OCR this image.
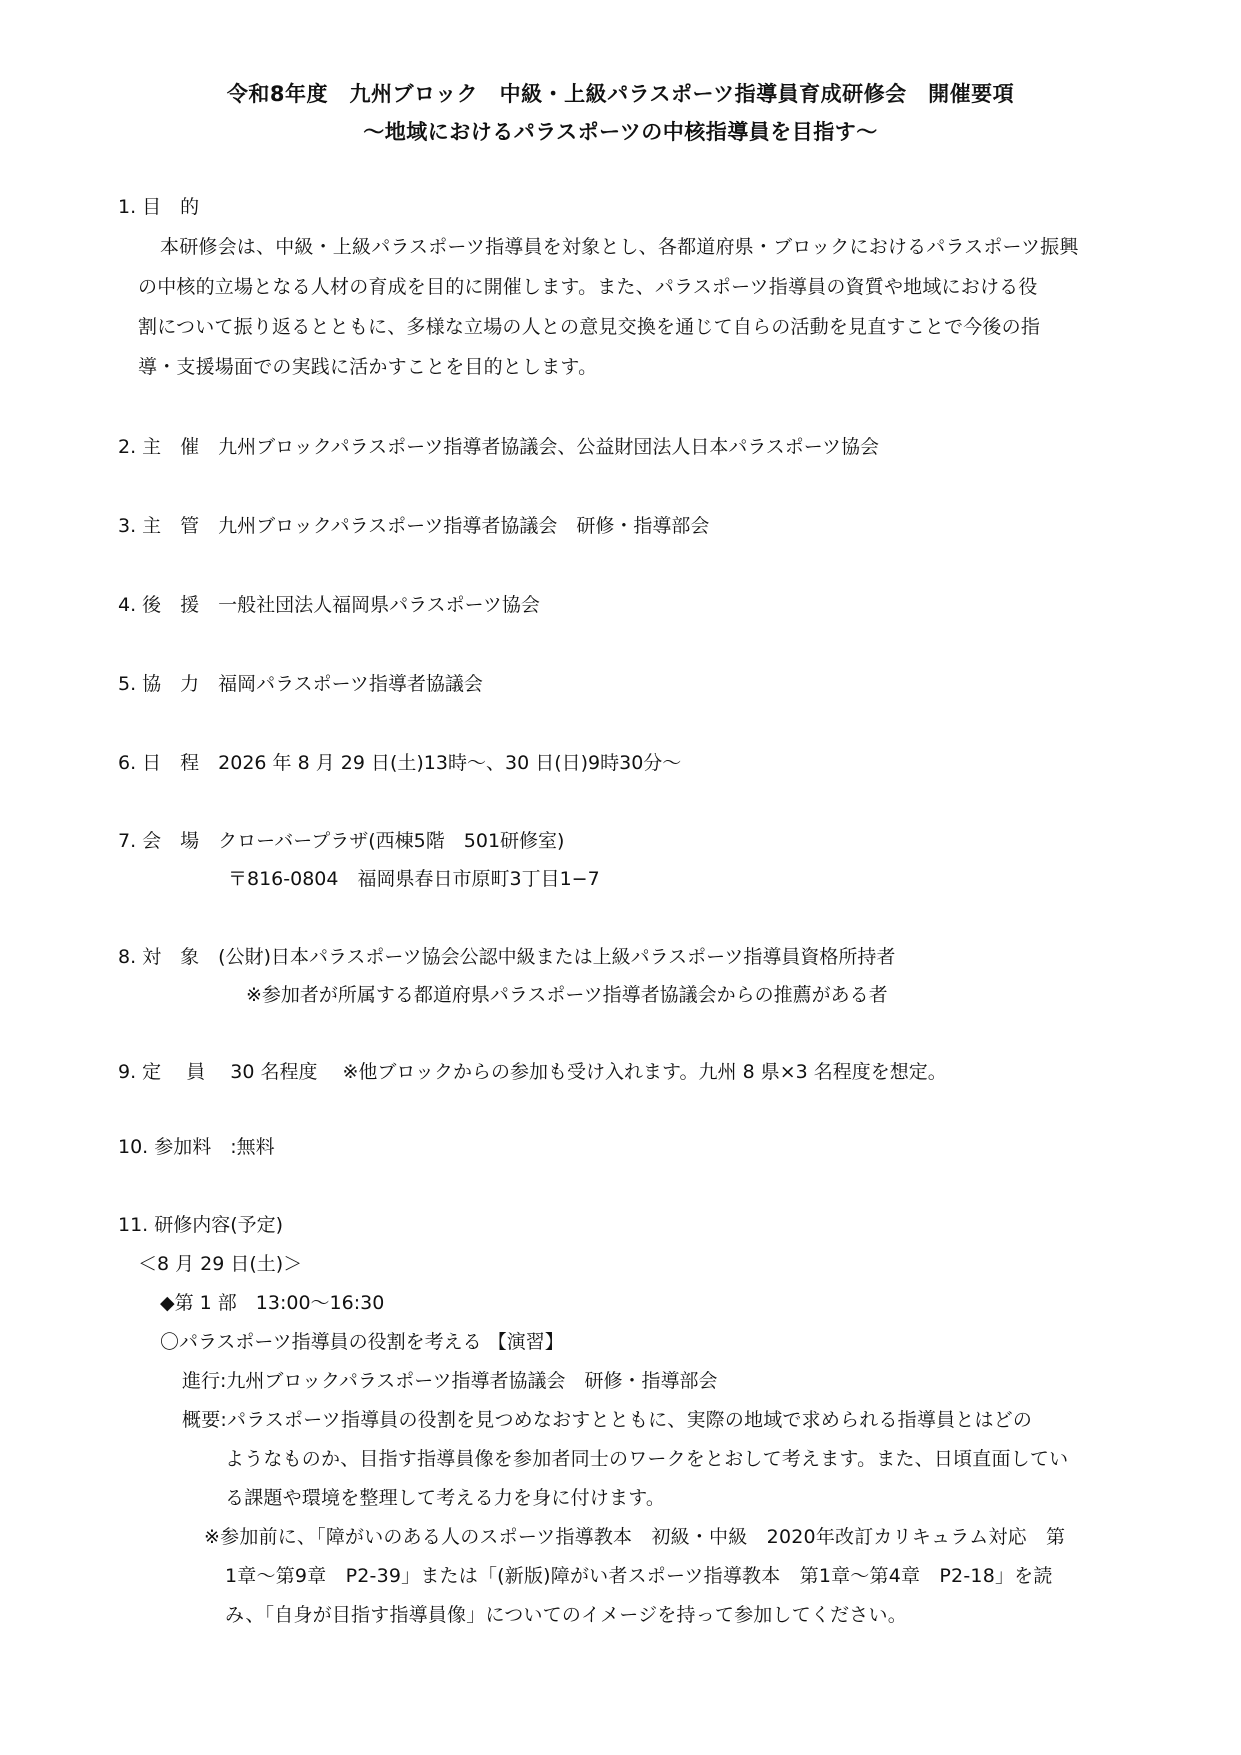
令和8年度　九州ブロック　中級・上級パラスポーツ指導員育成研修会　開催要項
～地域におけるパラスポーツの中核指導員を目指す～
1. 目　的
本研修会は、中級・上級パラスポーツ指導員を対象とし、各都道府県・ブロックにおけるパラスポーツ振興
の中核的立場となる人材の育成を目的に開催します。また、パラスポーツ指導員の資質や地域における役
割について振り返るとともに、多様な立場の人との意見交換を通じて自らの活動を見直すことで今後の指
導・支援場面での実践に活かすことを目的とします。
2. 主　催　九州ブロックパラスポーツ指導者協議会、公益財団法人日本パラスポーツ協会
3. 主　管　九州ブロックパラスポーツ指導者協議会　研修・指導部会
4. 後　援　一般社団法人福岡県パラスポーツ協会
5. 協　力　福岡パラスポーツ指導者協議会
6. 日　程　2026 年 8 月 29 日(土)13時～、30 日(日)9時30分～
7. 会　場　クローバープラザ(西棟5階　501研修室)
〒816-0804　福岡県春日市原町3丁目1−7
8. 対　象　(公財)日本パラスポーツ協会公認中級または上級パラスポーツ指導員資格所持者
※参加者が所属する都道府県パラスポーツ指導者協議会からの推薦がある者
9. 定　 員　 30 名程度　 ※他ブロックからの参加も受け入れます。九州 8 県×3 名程度を想定。
10. 参加料　:無料
11. 研修内容(予定)
＜8 月 29 日(土)＞
◆第 1 部　13:00～16:30
〇パラスポーツ指導員の役割を考える 【演習】
進行:九州ブロックパラスポーツ指導者協議会　研修・指導部会
概要:パラスポーツ指導員の役割を見つめなおすとともに、実際の地域で求められる指導員とはどの
ようなものか、目指す指導員像を参加者同士のワークをとおして考えます。また、日頃直面してい
る課題や環境を整理して考える力を身に付けます。
※参加前に、「障がいのある人のスポーツ指導教本　初級・中級　2020年改訂カリキュラム対応　第
1章～第9章　P2-39」または「(新版)障がい者スポーツ指導教本　第1章～第4章　P2-18」を読
み、「自身が目指す指導員像」についてのイメージを持って参加してください。
